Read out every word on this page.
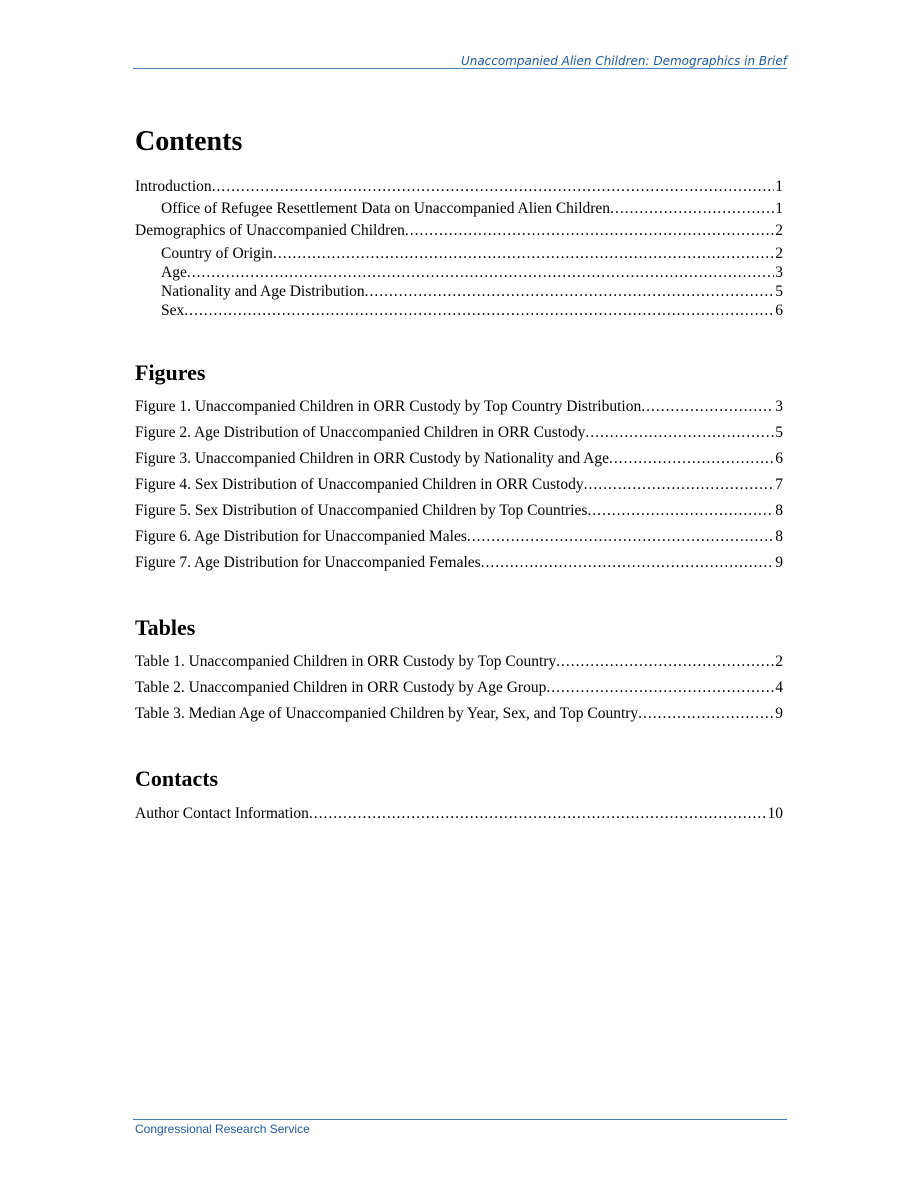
Unaccompanied Alien Children: Demographics in Brief
Contents
Introduction .....	1
Office of Refugee Resettlement Data on Unaccompanied Alien Children .....	1
Demographics of Unaccompanied Children .....	2
Country of Origin .....	2
Age .....	3
Nationality and Age Distribution .....	5
Sex .....	6
Figures
Figure 1. Unaccompanied Children in ORR Custody by Top Country Distribution .....	3
Figure 2. Age Distribution of Unaccompanied Children in ORR Custody .....	5
Figure 3. Unaccompanied Children in ORR Custody by Nationality and Age .....	6
Figure 4. Sex Distribution of Unaccompanied Children in ORR Custody .....	7
Figure 5. Sex Distribution of Unaccompanied Children by Top Countries .....	8
Figure 6. Age Distribution for Unaccompanied Males .....	8
Figure 7. Age Distribution for Unaccompanied Females .....	9
Tables
Table 1. Unaccompanied Children in ORR Custody by Top Country .....	2
Table 2. Unaccompanied Children in ORR Custody by Age Group .....	4
Table 3. Median Age of Unaccompanied Children by Year, Sex, and Top Country .....	9
Contacts
Author Contact Information .....	10
Congressional Research Service
